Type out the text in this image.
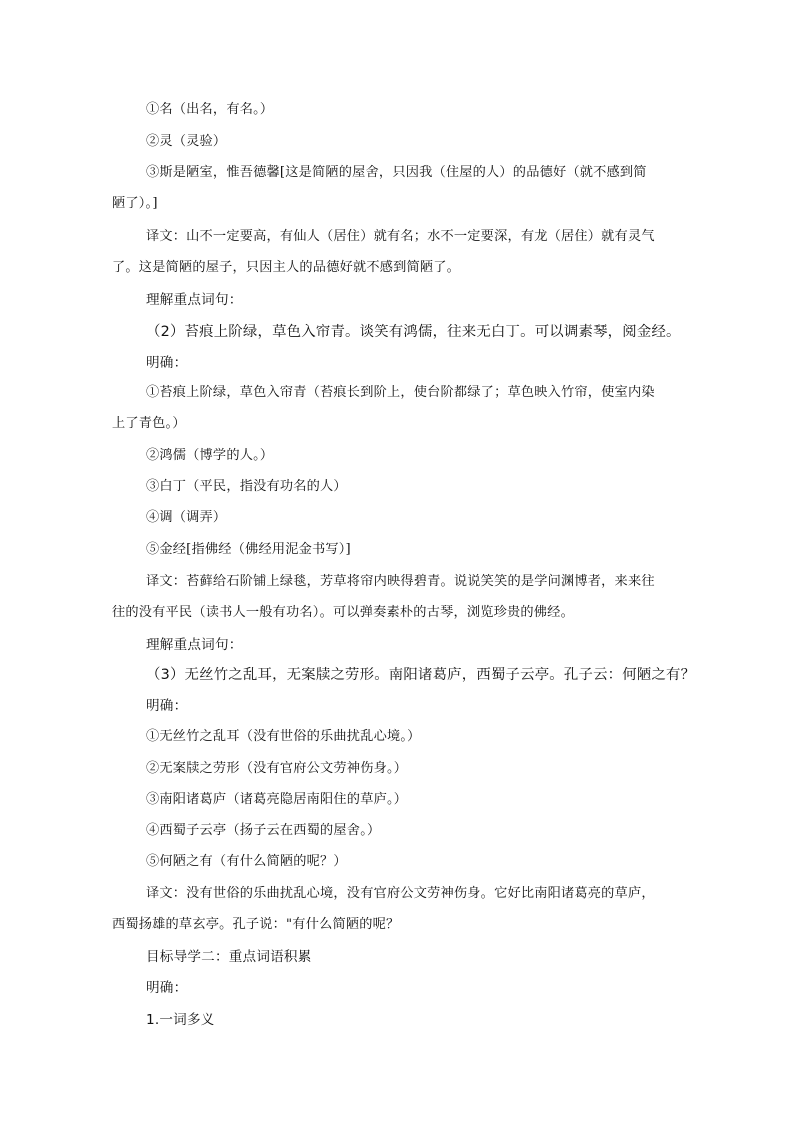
①名（出名，有名。）
②灵（灵验）
③斯是陋室，惟吾德馨[这是简陋的屋舍，只因我（住屋的人）的品德好（就不感到简
陋了）。]
译文：山不一定要高，有仙人（居住）就有名；水不一定要深，有龙（居住）就有灵气
了。这是简陋的屋子，只因主人的品德好就不感到简陋了。
理解重点词句：
（2）苔痕上阶绿，草色入帘青。谈笑有鸿儒，往来无白丁。可以调素琴，阅金经。
明确：
①苔痕上阶绿，草色入帘青（苔痕长到阶上，使台阶都绿了；草色映入竹帘，使室内染
上了青色。）
②鸿儒（博学的人。）
③白丁（平民，指没有功名的人）
④调（调弄）
⑤金经[指佛经（佛经用泥金书写）]
译文：苔藓给石阶铺上绿毯，芳草将帘内映得碧青。说说笑笑的是学问渊博者，来来往
往的没有平民（读书人一般有功名）。可以弹奏素朴的古琴，浏览珍贵的佛经。
理解重点词句：
（3）无丝竹之乱耳，无案牍之劳形。南阳诸葛庐，西蜀子云亭。孔子云：何陋之有？
明确：
①无丝竹之乱耳（没有世俗的乐曲扰乱心境。）
②无案牍之劳形（没有官府公文劳神伤身。）
③南阳诸葛庐（诸葛亮隐居南阳住的草庐。）
④西蜀子云亭（扬子云在西蜀的屋舍。）
⑤何陋之有（有什么简陋的呢？）
译文：没有世俗的乐曲扰乱心境，没有官府公文劳神伤身。它好比南阳诸葛亮的草庐，
西蜀扬雄的草玄亭。孔子说："有什么简陋的呢？
目标导学二：重点词语积累
明确：
1.一词多义
